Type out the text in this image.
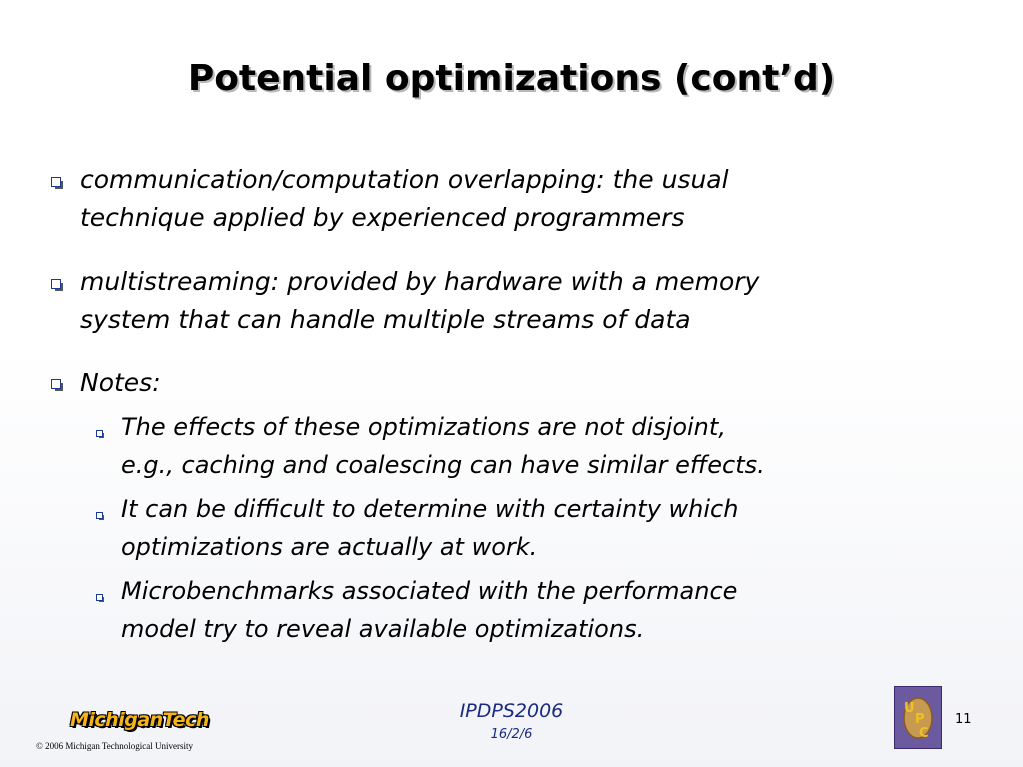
Potential optimizations (cont’d)
communication/computation overlapping: the usual
technique applied by experienced programmers
multistreaming: provided by hardware with a memory
system that can handle multiple streams of data
Notes:
The effects of these optimizations are not disjoint,
e.g., caching and coalescing can have similar effects.
It can be difficult to determine with certainty which
optimizations are actually at work.
Microbenchmarks associated with the performance
model try to reveal available optimizations.
MichiganTech
© 2006 Michigan Technological University
IPDPS2006
16/2/6
U
P
C
11
